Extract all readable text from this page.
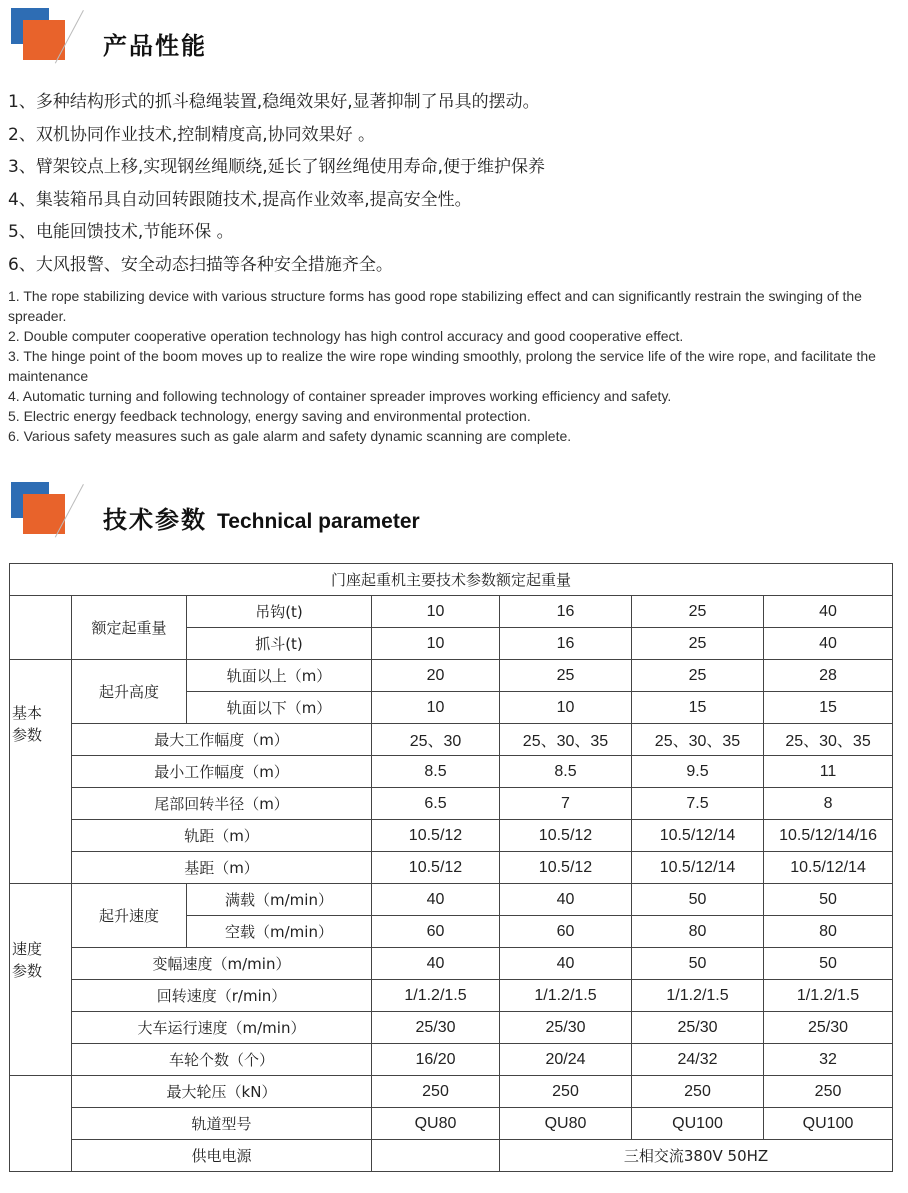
产品性能
1、多种结构形式的抓斗稳绳装置,稳绳效果好,显著抑制了吊具的摆动。
2、双机协同作业技术,控制精度高,协同效果好 。
3、臂架铰点上移,实现钢丝绳顺绕,延长了钢丝绳使用寿命,便于维护保养
4、集装箱吊具自动回转跟随技术,提高作业效率,提高安全性。
5、电能回馈技术,节能环保 。
6、大风报警、安全动态扫描等各种安全措施齐全。
1. The rope stabilizing device with various structure forms has good rope stabilizing effect and can significantly restrain the swinging of the spreader.
2. Double computer cooperative operation technology has high control accuracy and good cooperative effect.
3. The hinge point of the boom moves up to realize the wire rope winding smoothly, prolong the service life of the wire rope, and facilitate the maintenance
4. Automatic turning and following technology of container spreader improves working efficiency and safety.
5. Electric energy feedback technology, energy saving and environmental protection.
6. Various safety measures such as gale alarm and safety dynamic scanning are complete.
技术参数 Technical parameter
门座起重机主要技术参数额定起重量						
	额定起重量	吊钩(t)	10	16	25	40
		抓斗(t)	10	16	25	40

基本
参数	起升高度	轨面以上（m）	20	25	25	28
		轨面以下（m）	10	10	15	15
	最大工作幅度（m）		25、30	25、30、35	25、30、35	25、30、35
	最小工作幅度（m）		8.5	8.5	9.5	11
	尾部回转半径（m）		6.5	7	7.5	8
	轨距（m）		10.5/12	10.5/12	10.5/12/14	10.5/12/14/16
	基距（m）		10.5/12	10.5/12	10.5/12/14	10.5/12/14

速度
参数	起升速度	满载（m/min）	40	40	50	50
		空载（m/min）	60	60	80	80
	变幅速度（m/min）		40	40	50	50
	回转速度（r/min）		1/1.2/1.5	1/1.2/1.5	1/1.2/1.5	1/1.2/1.5
	大车运行速度（m/min）		25/30	25/30	25/30	25/30
	车轮个数（个）		16/20	20/24	24/32	32
	最大轮压（kN）		250	250	250	250
	轨道型号		QU80	QU80	QU100	QU100
	供电电源			三相交流380V 50HZ		
